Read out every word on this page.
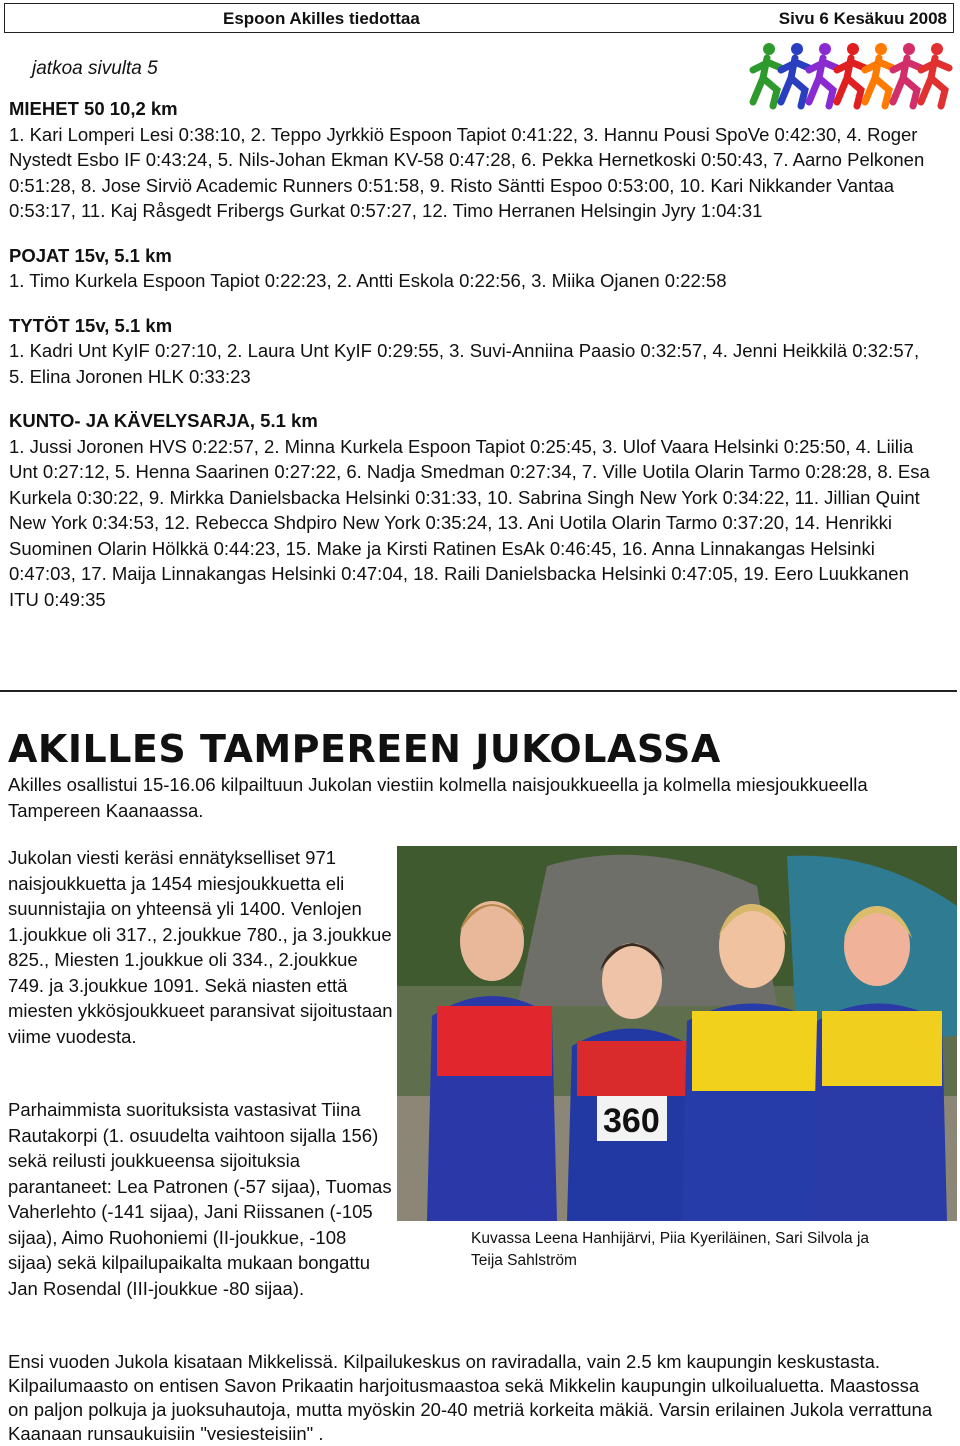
Espoon Akilles tiedottaa	Sivu 6 Kesäkuu 2008
jatkoa sivulta 5
MIEHET 50 10,2 km

1. Kari Lomperi Lesi 0:38:10, 2. Teppo Jyrkkiö Espoon Tapiot 0:41:22, 3. Hannu Pousi SpoVe 0:42:30, 4. Roger Nystedt Esbo IF 0:43:24, 5. Nils-Johan Ekman KV-58 0:47:28, 6. Pekka Hernetkoski 0:50:43, 7. Aarno Pelkonen 0:51:28, 8. Jose Sirviö Academic Runners 0:51:58, 9. Risto Säntti Espoo 0:53:00, 10. Kari Nikkander Vantaa 0:53:17, 11. Kaj Råsgedt Fribergs Gurkat 0:57:27, 12. Timo Herranen Helsingin Jyry 1:04:31

POJAT 15v, 5.1 km

1. Timo Kurkela Espoon Tapiot 0:22:23, 2. Antti Eskola 0:22:56, 3. Miika Ojanen 0:22:58

TYTÖT 15v, 5.1 km

1. Kadri Unt KyIF 0:27:10, 2. Laura Unt KyIF 0:29:55, 3. Suvi-Anniina Paasio 0:32:57, 4. Jenni Heikkilä 0:32:57, 5. Elina Joronen HLK 0:33:23

KUNTO- JA KÄVELYSARJA, 5.1 km

1. Jussi Joronen HVS 0:22:57, 2. Minna Kurkela Espoon Tapiot 0:25:45, 3. Ulof Vaara Helsinki 0:25:50, 4. Liilia Unt 0:27:12, 5. Henna Saarinen 0:27:22, 6. Nadja Smedman 0:27:34, 7. Ville Uotila Olarin Tarmo 0:28:28, 8. Esa Kurkela 0:30:22, 9. Mirkka Danielsbacka Helsinki 0:31:33, 10. Sabrina Singh New York 0:34:22, 11. Jillian Quint New York 0:34:53, 12. Rebecca Shdpiro New York 0:35:24, 13. Ani Uotila Olarin Tarmo 0:37:20, 14. Henrikki Suominen Olarin Hölkkä 0:44:23, 15. Make ja Kirsti Ratinen EsAk 0:46:45, 16. Anna Linnakangas Helsinki 0:47:03, 17. Maija Linnakangas Helsinki 0:47:04, 18. Raili Danielsbacka Helsinki 0:47:05, 19. Eero Luukkanen ITU 0:49:35

AKILLES TAMPEREEN JUKOLASSA
Akilles osallistui 15-16.06 kilpailtuun Jukolan viestiin kolmella naisjoukkueella ja kolmella miesjoukkueella Tampereen Kaanaassa.
Jukolan viesti keräsi ennätykselliset 971 naisjoukkuetta ja 1454 miesjoukkuetta eli suunnistajia on yhteensä yli 1400. Venlojen 1.joukkue oli 317., 2.joukkue 780., ja 3.joukkue 825., Miesten 1.joukkue oli 334., 2.joukkue 749. ja 3.joukkue 1091. Sekä niasten että miesten ykkösjoukkueet paransivat sijoitustaan viime vuodesta.
Parhaimmista suorituksista vastasivat Tiina Rautakorpi (1. osuudelta vaihtoon sijalla 156) sekä reilusti joukkueensa sijoituksia parantaneet: Lea Patronen (-57 sijaa), Tuomas Vaherlehto (-141 sijaa), Jani Riissanen (-105 sijaa), Aimo Ruohoniemi (II-joukkue, -108 sijaa) sekä kilpailupaikalta mukaan bongattu Jan Rosendal (III-joukkue -80 sijaa).
360
Kuvassa Leena Hanhijärvi, Piia Kyeriläinen, Sari Silvola ja Teija Sahlström
Ensi vuoden Jukola kisataan Mikkelissä. Kilpailukeskus on raviradalla, vain 2.5 km kaupungin keskustasta. Kilpailumaasto on entisen Savon Prikaatin harjoitusmaastoa sekä Mikkelin kaupungin ulkoilualuetta. Maastossa on paljon polkuja ja juoksuhautoja, mutta myöskin 20-40 metriä korkeita mäkiä. Varsin erilainen Jukola verrattuna Kaanaan runsaukuisiin "vesiesteisiin" .
